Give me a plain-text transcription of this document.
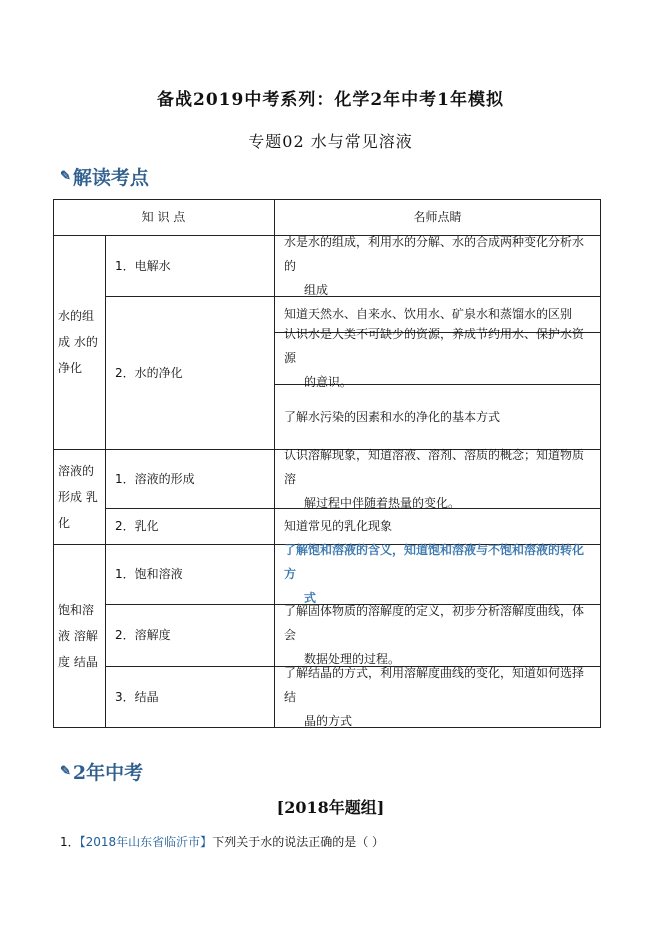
备战2019中考系列：化学2年中考1年模拟
专题02 水与常见溶液
✎ 解读考点
知 识 点	名师点睛
水的组成 水的净化
溶液的形成 乳化
饱和溶液 溶解度 结晶
1．电解水
2．水的净化
1．溶液的形成
2．乳化
1．饱和溶液
2．溶解度
3．结晶
水是水的组成，利用水的分解、水的合成两种变化分析水的
组成
知道天然水、自来水、饮用水、矿泉水和蒸馏水的区别
认识水是人类不可缺少的资源，养成节约用水、保护水资源
的意识。
了解水污染的因素和水的净化的基本方式
认识溶解现象，知道溶液、溶剂、溶质的概念；知道物质溶
解过程中伴随着热量的变化。
知道常见的乳化现象
了解饱和溶液的含义，知道饱和溶液与不饱和溶液的转化方
式
了解固体物质的溶解度的定义，初步分析溶解度曲线，体会
数据处理的过程。
了解结晶的方式，利用溶解度曲线的变化，知道如何选择结
晶的方式
✎ 2年中考
[2018年题组]
1．【2018年山东省临沂市】下列关于水的说法正确的是（ ）
